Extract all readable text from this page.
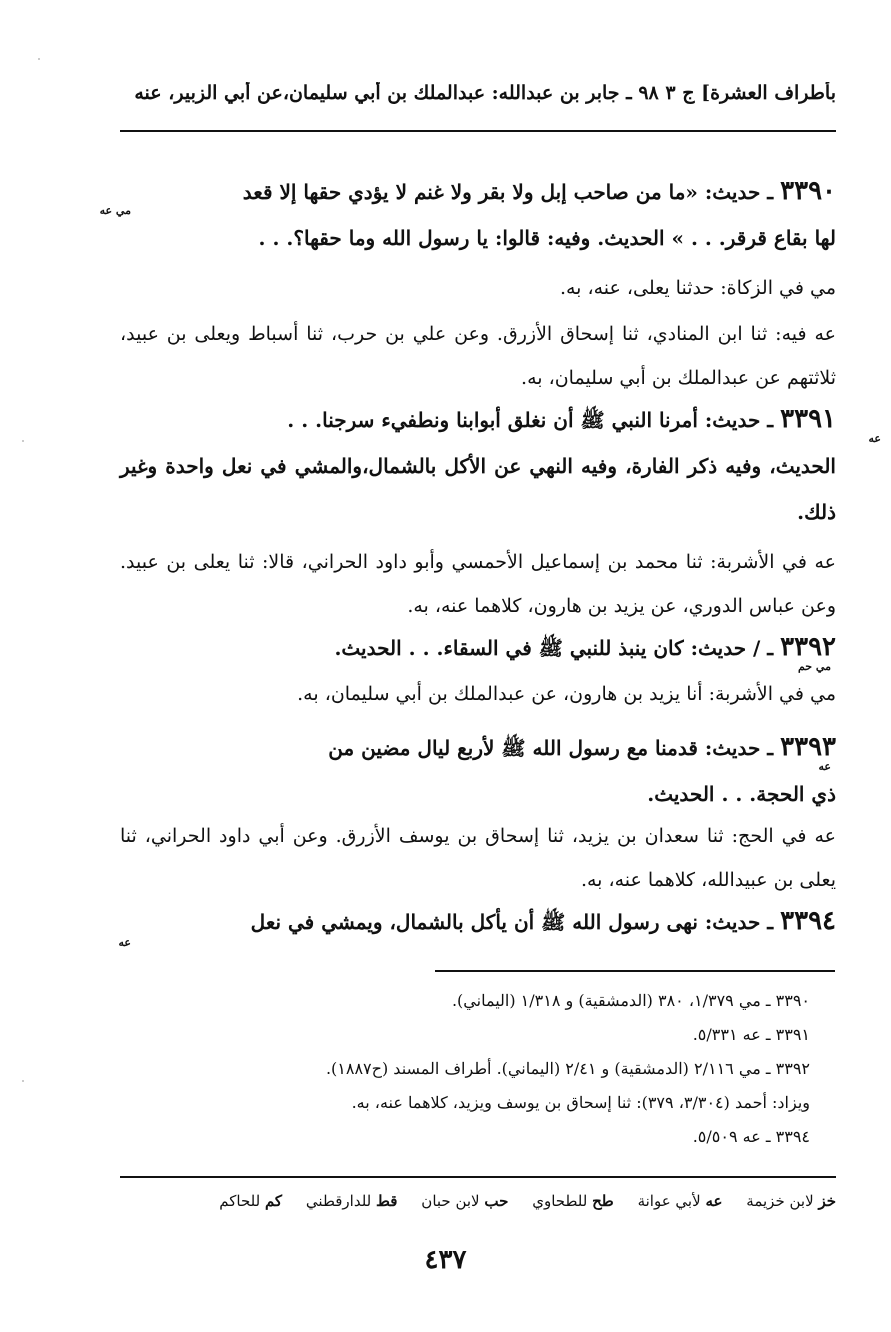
بأطراف العشرة] ج ٣ ٩٨ ـ جابر بن عبدالله: عبدالملك بن أبي سليمان،عن أبي الزبير، عنه
٣٣٩٠ ـ حديث: «ما من صاحب إبل ولا بقر ولا غنم لا يؤدي حقها إلا قعد
لها بقاع قرقر. . . » الحديث. وفيه: قالوا: يا رسول الله وما حقها؟. . .
مي عه
مي في الزكاة: حدثنا يعلى، عنه، به.
عه فيه: ثنا ابن المنادي، ثنا إسحاق الأزرق. وعن علي بن حرب، ثنا أسباط ويعلى بن عبيد، ثلاثتهم عن عبدالملك بن أبي سليمان، به.
٣٣٩١ ـ حديث: أمرنا النبي ﷺ أن نغلق أبوابنا ونطفيء سرجنا. . .
الحديث، وفيه ذكر الفارة، وفيه النهي عن الأكل بالشمال،والمشي في نعل واحدة وغير ذلك.
عه
عه في الأشربة: ثنا محمد بن إسماعيل الأحمسي وأبو داود الحراني، قالا: ثنا يعلى بن عبيد. وعن عباس الدوري، عن يزيد بن هارون، كلاهما عنه، به.
٣٣٩٢ ـ / حديث: كان ينبذ للنبي ﷺ في السقاء. . . الحديث.
مي حم
مي في الأشربة: أنا يزيد بن هارون، عن عبدالملك بن أبي سليمان، به.
٣٣٩٣ ـ حديث: قدمنا مع رسول الله ﷺ لأربع ليال مضين من
ذي الحجة. . . الحديث.
عه
عه في الحج: ثنا سعدان بن يزيد، ثنا إسحاق بن يوسف الأزرق. وعن أبي داود الحراني، ثنا يعلى بن عبيدالله، كلاهما عنه، به.
٣٣٩٤ ـ حديث: نهى رسول الله ﷺ أن يأكل بالشمال، ويمشي في نعل
عه
٣٣٩٠ ـ مي ١/٣٧٩، ٣٨٠ (الدمشقية) و ١/٣١٨ (اليماني).
٣٣٩١ ـ عه ٥/٣٣١.
٣٣٩٢ ـ مي ٢/١١٦ (الدمشقية) و ٢/٤١ (اليماني). أطراف المسند (ح١٨٨٧).
ويزاد: أحمد (٣/٣٠٤، ٣٧٩): ثنا إسحاق بن يوسف ويزيد، كلاهما عنه، به.
٣٣٩٤ ـ عه ٥/٥٠٩.
خز لابن خزيمة     عه لأبي عوانة     طح للطحاوي     حب لابن حبان     قط للدارقطني     كم للحاكم
٤٣٧
